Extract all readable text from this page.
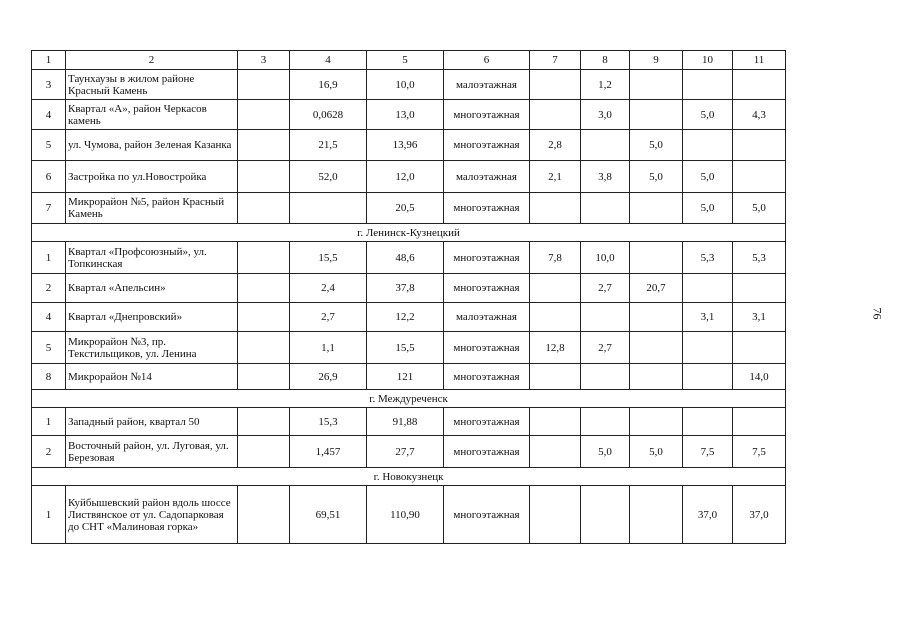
1	2	3	4	5	6	7	8	9	10	11
3	Таунхаузы в жилом районе Красный Камень		16,9	10,0	малоэтажная		1,2			
4	Квартал «А», район Черкасов камень		0,0628	13,0	многоэтажная		3,0		5,0	4,3
5	ул. Чумова, район Зеленая Казанка		21,5	13,96	многоэтажная	2,8		5,0		
6	Застройка по ул.Новостройка		52,0	12,0	малоэтажная	2,1	3,8	5,0	5,0	
7	Микрорайон №5, район Красный Камень			20,5	многоэтажная				5,0	5,0
г. Ленинск-Кузнецкий										
1	Квартал «Профсоюзный», ул. Топкинская		15,5	48,6	многоэтажная	7,8	10,0		5,3	5,3
2	Квартал «Апельсин»		2,4	37,8	многоэтажная		2,7	20,7		
4	Квартал «Днепровский»		2,7	12,2	малоэтажная				3,1	3,1
5	Микрорайон №3, пр. Текстильщиков, ул. Ленина		1,1	15,5	многоэтажная	12,8	2,7			
8	Микрорайон №14		26,9	121	многоэтажная					14,0
г. Междуреченск										
1	Западный район, квартал 50		15,3	91,88	многоэтажная					
2	Восточный район, ул. Луговая, ул. Березовая		1,457	27,7	многоэтажная		5,0	5,0	7,5	7,5
г. Новокузнецк										
1	Куйбышевский район вдоль шоссе Листвянское от ул. Садопарковая до СНТ «Малиновая горка»		69,51	110,90	многоэтажная				37,0	37,0
76
